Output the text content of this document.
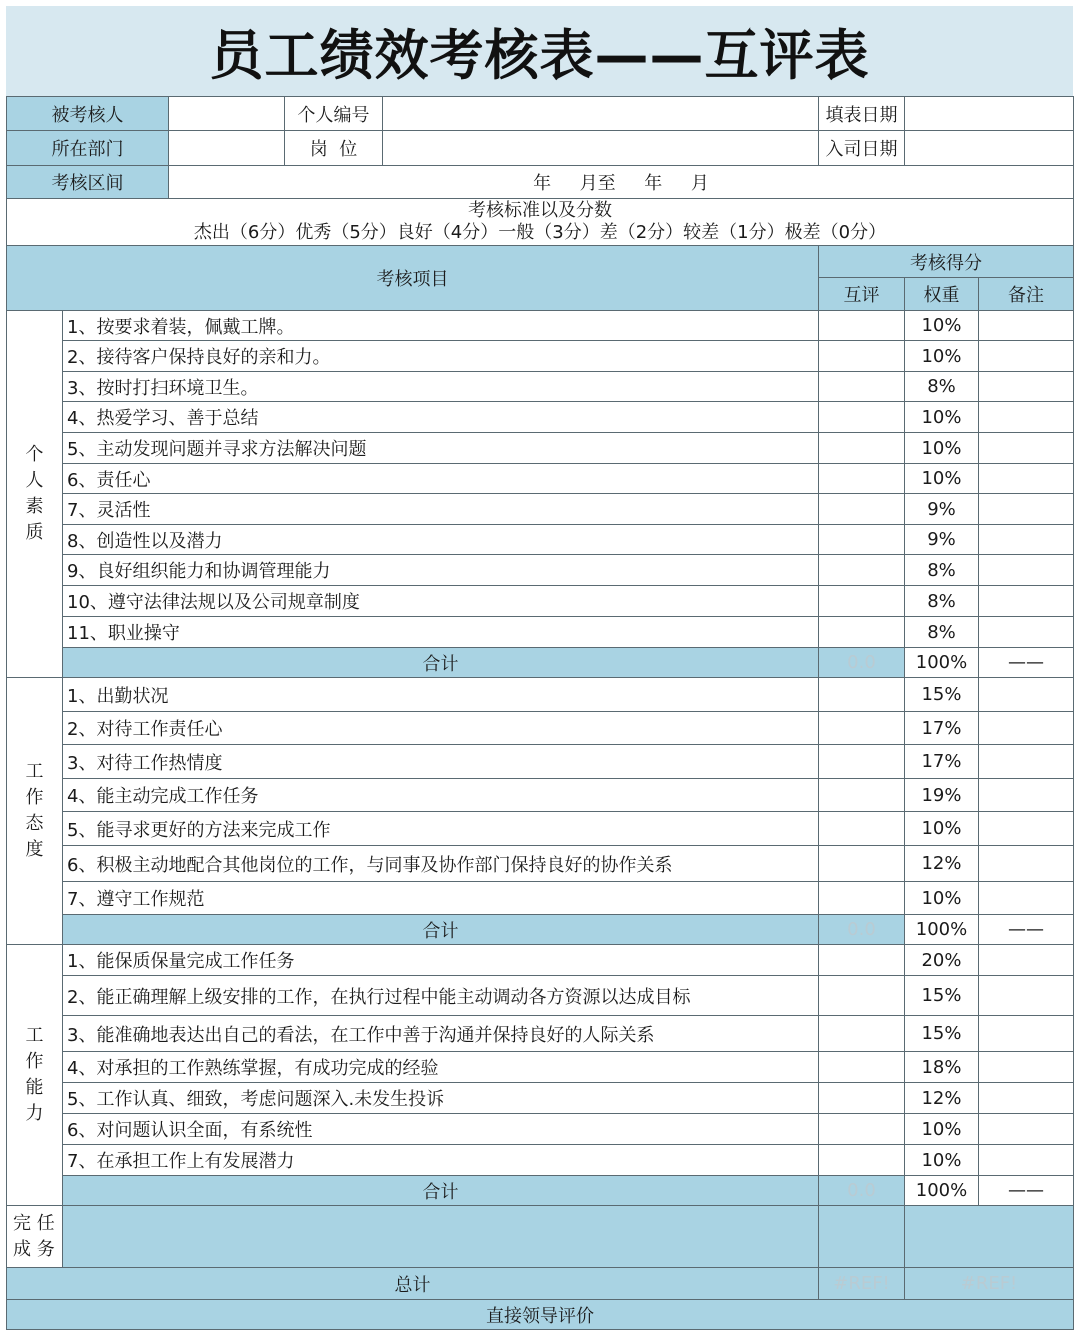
员工绩效考核表——互评表
被考核人			个人编号		填表日期		
所在部门			岗  位		入司日期		
考核区间		年     月至     年     月					

考核标准以及分数
杰出（6分）优秀（5分）良好（4分）一般（3分）差（2分）较差（1分）极差（0分）							

考核项目					考核得分		
					互评	权重	备注
个人素质	1、按要求着装，佩戴工牌。					10%	
	2、接待客户保持良好的亲和力。					10%	
	3、按时打扫环境卫生。					8%	
	4、热爱学习、善于总结					10%	
	5、主动发现问题并寻求方法解决问题					10%	
	6、责任心					10%	
	7、灵活性					9%	
	8、创造性以及潜力					9%	
	9、良好组织能力和协调管理能力					8%	
	10、遵守法律法规以及公司规章制度					8%	
	11、职业操守					8%	
	合计				0.0	100%	——
工作态度	1、出勤状况					15%	
	2、对待工作责任心					17%	
	3、对待工作热情度					17%	
	4、能主动完成工作任务					19%	
	5、能寻求更好的方法来完成工作					10%	
	6、积极主动地配合其他岗位的工作，与同事及协作部门保持良好的协作关系					12%	
	7、遵守工作规范					10%	
	合计				0.0	100%	——
工作能力	1、能保质保量完成工作任务					20%	
	2、能正确理解上级安排的工作，在执行过程中能主动调动各方资源以达成目标					15%	
	3、能准确地表达出自己的看法，在工作中善于沟通并保持良好的人际关系					15%	
	4、对承担的工作熟练掌握，有成功完成的经验					18%	
	5、工作认真、细致，考虑问题深入.未发生投诉					12%	
	6、对问题认识全面，有系统性					10%	
	7、在承担工作上有发展潜力					10%	
	合计				0.0	100%	——

完 任
成 务							

总计					#REF!	#REF!	
直接领导评价							
